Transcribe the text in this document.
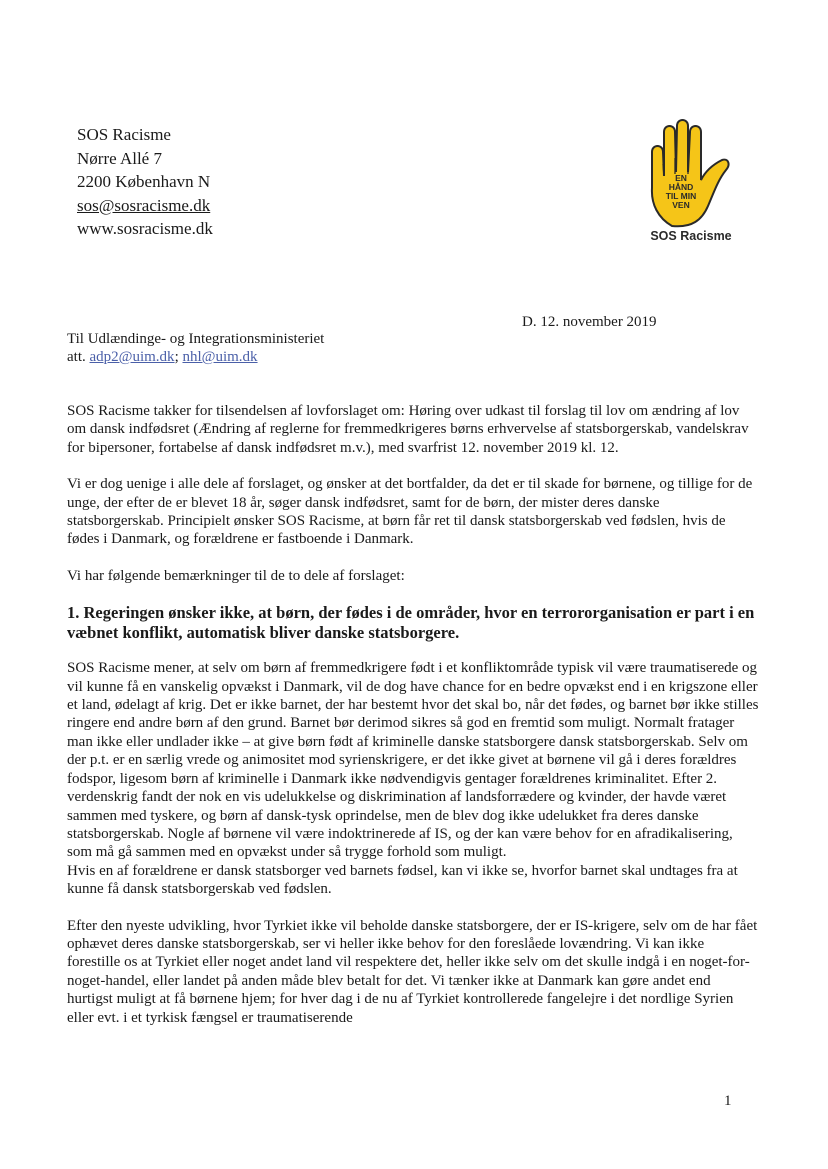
SOS Racisme
Nørre Allé 7
2200 København N
sos@sosracisme.dk
www.sosracisme.dk
EN
HÅND
TIL MIN
VEN
SOS Racisme
D. 12. november 2019
Til Udlændinge- og Integrationsministeriet
att. adp2@uim.dk; nhl@uim.dk

SOS Racisme takker for tilsendelsen af lovforslaget om: Høring over udkast til forslag til lov om ændring af lov om dansk indfødsret (Ændring af reglerne for fremmedkrigeres børns erhvervelse af statsborgerskab, vandelskrav for bipersoner, fortabelse af dansk indfødsret m.v.), med svarfrist 12. november 2019 kl. 12.

Vi er dog uenige i alle dele af forslaget, og ønsker at det bortfalder, da det er til skade for børnene, og tillige for de unge, der efter de er blevet 18 år, søger dansk indfødsret, samt for de børn, der mister deres danske statsborgerskab. Principielt ønsker SOS Racisme, at børn får ret til dansk statsborgerskab ved fødslen, hvis de fødes i Danmark, og forældrene er fastboende i Danmark.

Vi har følgende bemærkninger til de to dele af forslaget:

1. Regeringen ønsker ikke, at børn, der fødes i de områder, hvor en terrororganisation er part i en væbnet konflikt, automatisk bliver danske statsborgere.

SOS Racisme mener, at selv om børn af fremmedkrigere født i et konfliktområde typisk vil være traumatiserede og vil kunne få en vanskelig opvækst i Danmark, vil de dog have chance for en bedre opvækst end i en krigszone eller et land, ødelagt af krig. Det er ikke barnet, der har bestemt hvor det skal bo, når det fødes, og barnet bør ikke stilles ringere end andre børn af den grund. Barnet bør derimod sikres så god en fremtid som muligt. Normalt fratager man ikke eller undlader ikke – at give børn født af kriminelle danske statsborgere dansk statsborgerskab. Selv om der p.t. er en særlig vrede og animositet mod syrienskrigere, er det ikke givet at børnene vil gå i deres forældres fodspor, ligesom børn af kriminelle i Danmark ikke nødvendigvis gentager forældrenes kriminalitet. Efter 2. verdenskrig fandt der nok en vis udelukkelse og diskrimination af landsforrædere og kvinder, der havde været sammen med tyskere, og børn af dansk-tysk oprindelse, men de blev dog ikke udelukket fra deres danske statsborgerskab. Nogle af børnene vil være indoktrinerede af IS, og der kan være behov for en afradikalisering, som må gå sammen med en opvækst under så trygge forhold som muligt.

Hvis en af forældrene er dansk statsborger ved barnets fødsel, kan vi ikke se, hvorfor barnet skal undtages fra at kunne få dansk statsborgerskab ved fødslen.

Efter den nyeste udvikling, hvor Tyrkiet ikke vil beholde danske statsborgere, der er IS-krigere, selv om de har fået ophævet deres danske statsborgerskab, ser vi heller ikke behov for den foreslåede lovændring. Vi kan ikke forestille os at Tyrkiet eller noget andet land vil respektere det, heller ikke selv om det skulle indgå i en noget-for-noget-handel, eller landet på anden måde blev betalt for det. Vi tænker ikke at Danmark kan gøre andet end hurtigst muligt at få børnene hjem; for hver dag i de nu af Tyrkiet kontrollerede fangelejre i det nordlige Syrien eller evt. i et tyrkisk fængsel er traumatiserende

1
